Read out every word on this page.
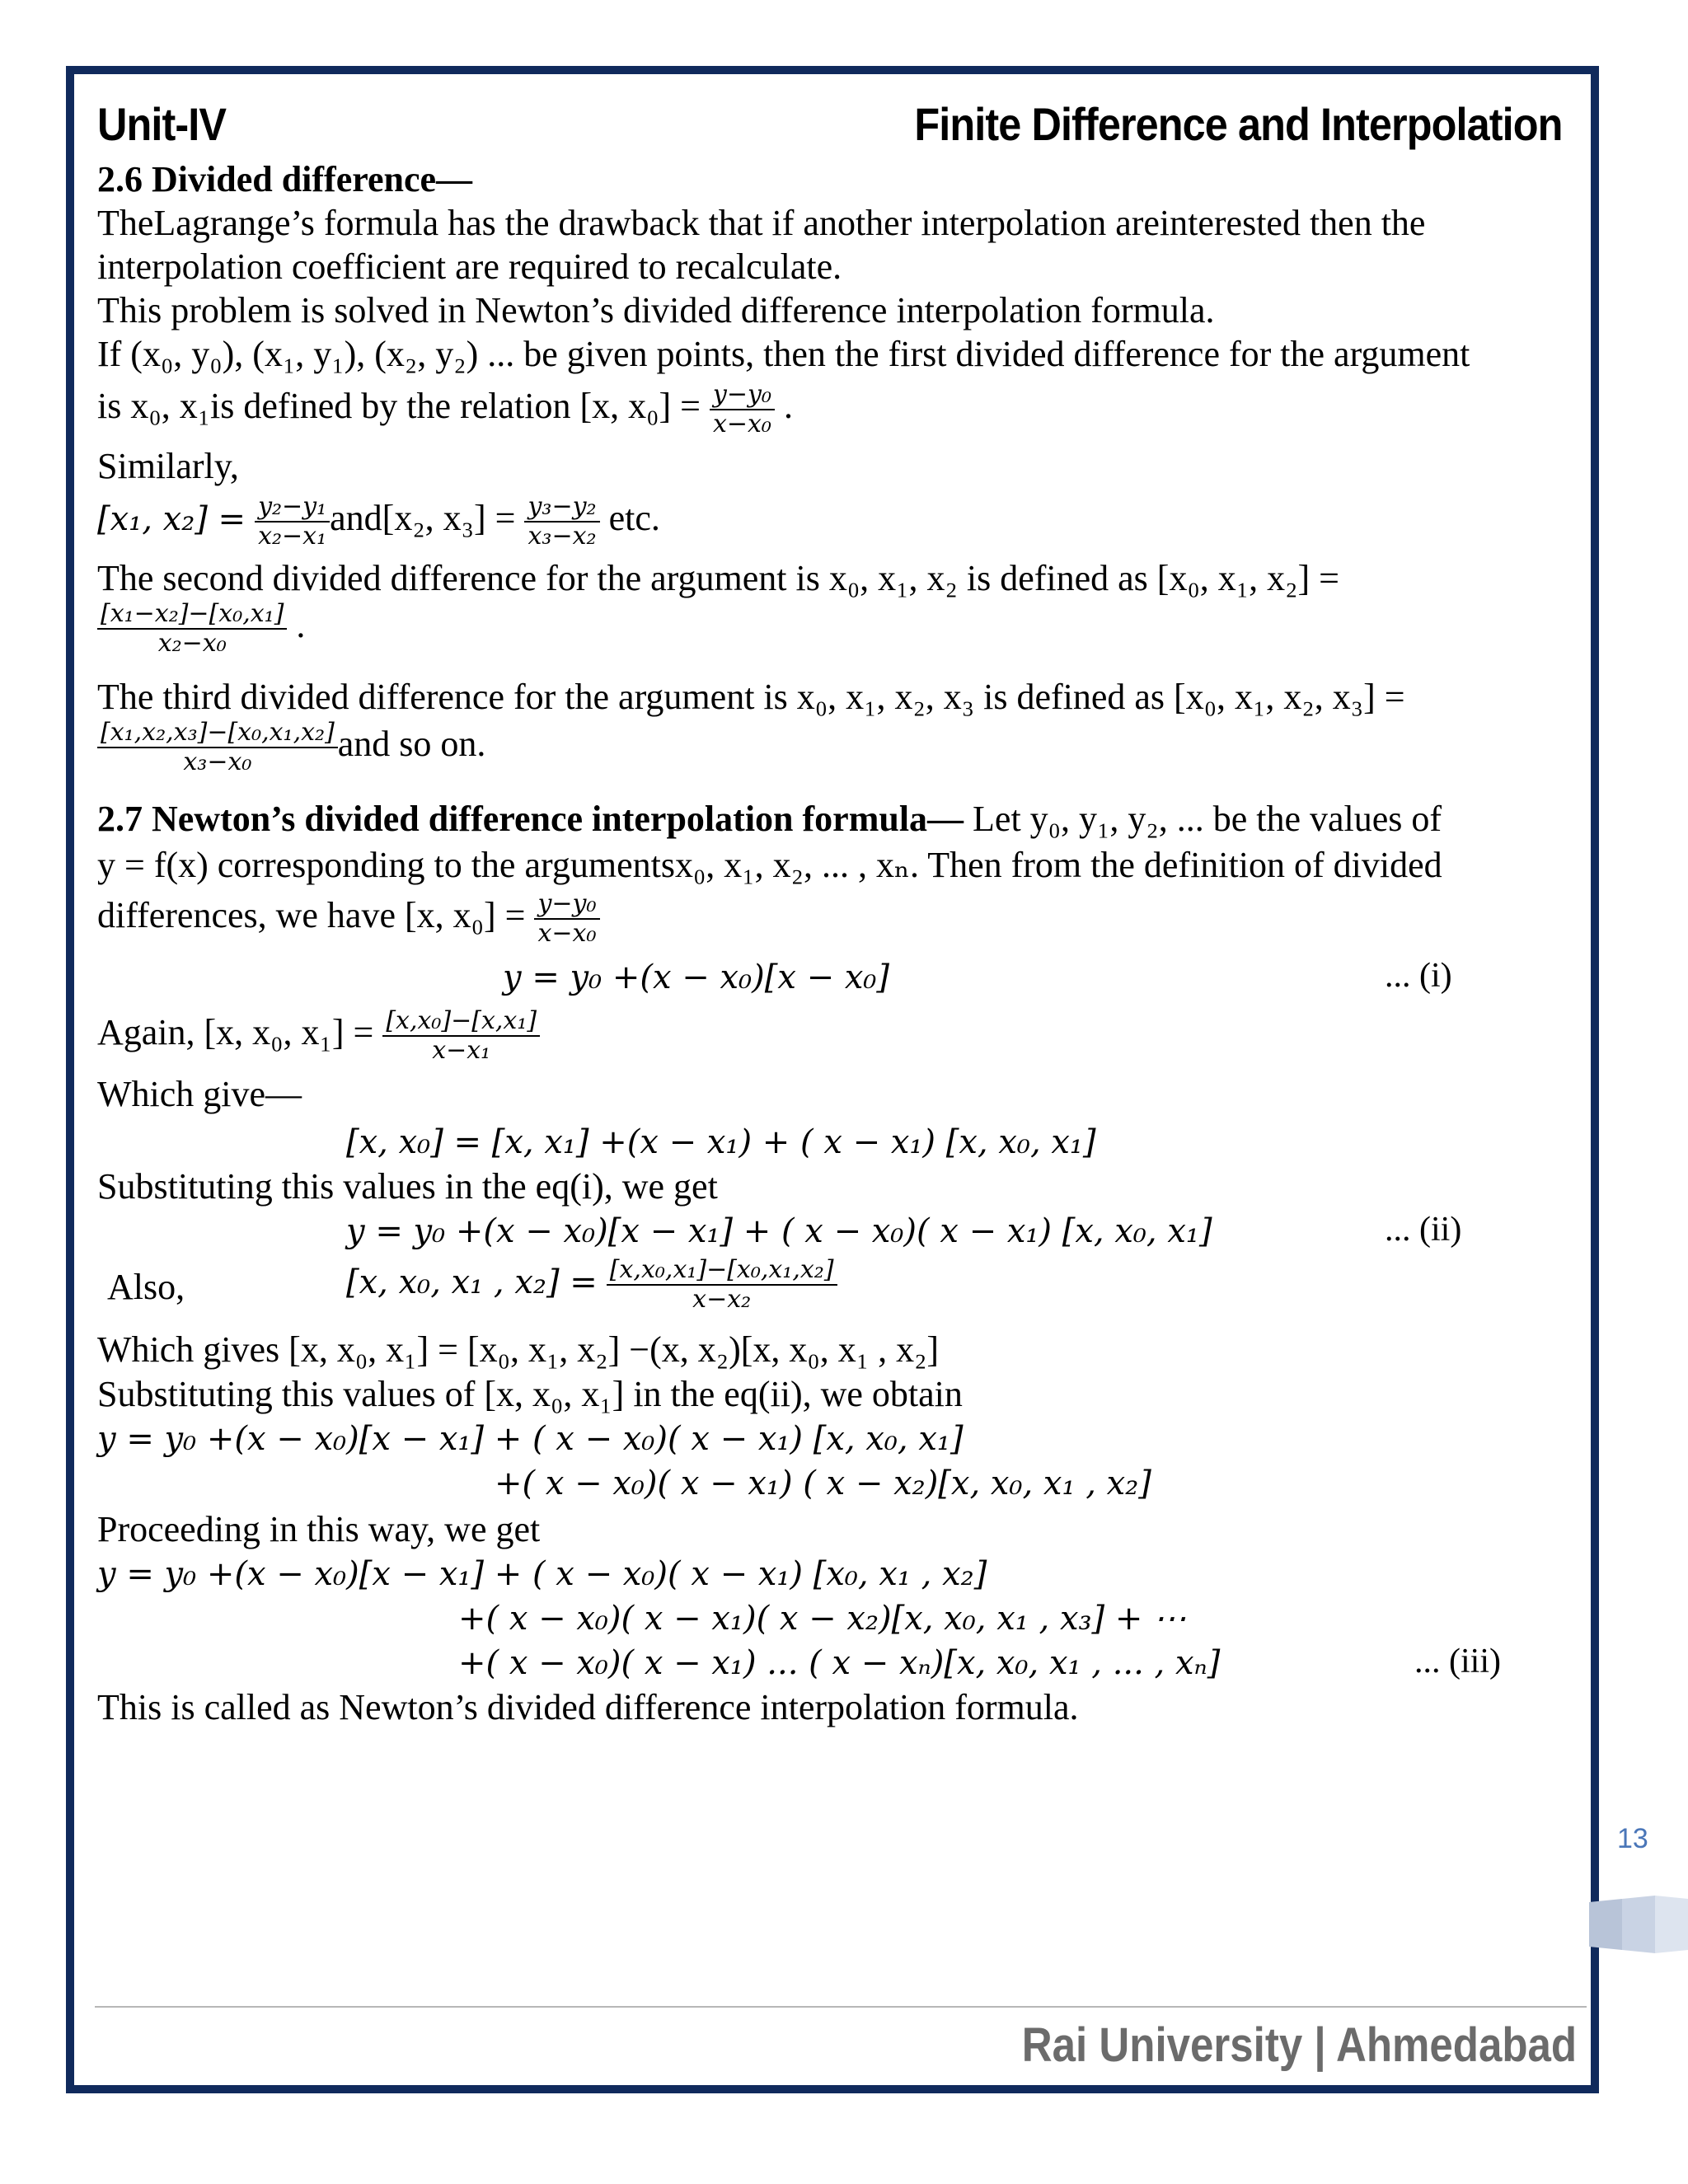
Unit-IV	Finite Difference and Interpolation
2.6 Divided difference—
TheLagrange’s formula has the drawback that if another interpolation areinterested then the
interpolation coefficient are required to recalculate.
This problem is solved in Newton’s divided difference interpolation formula.
If (x₀, y₀), (x₁, y₁), (x₂, y₂) ... be given points, then the first divided difference for the argument
is x₀, x₁is defined by the relation [x, $x_0] = \frac{\text{y−y₀}}{\text{x−x₀}}$ .
Similarly,
[x₁, $x_2] = \frac{\text{y₂−y₁}}{\text{x₂−x₁}} and[x_2$, $x_3] = \frac{\text{y₃−y₂}}{\text{x₃−x₂}}$ etc.
The second divided difference for the argument is x₀, x₁, x₂ is defined as [x₀, x₁, x₂] =
$\frac{\text{[x₁−x₂]−[x₀,x₁]}}{\text{x₂−x₀}}$ .
The third divided difference for the argument is x₀, x₁, x₂, x₃ is defined as [x₀, x₁, x₂, x₃] =
$\frac{\text{[x₁,x₂,x₃]−[x₀,x₁,x₂]}}{\text{x₃−x₀}}$ and so on.
2.7 Newton’s divided difference interpolation formula— Let y₀, y₁, y₂, ... be the values of
y = f(x) corresponding to the argumentsx₀, x₁, x₂, ... , xₙ. Then from the definition of divided
differences, we have [x, $x_0] = \frac{\text{y−y₀}}{\text{x−x₀}}$
y = y₀ +(x − x₀)[x − x₀]	... (i)
Again, [x, x₀, $x_1] = \frac{\text{[x,x₀]−[x,x₁]}}{\text{x−x₁}}$
Which give—
[x, x₀] = [x, x₁] +(x − x₁) + ( x − x₁) [x, x₀, x₁]
Substituting this values in the eq(i), we get
y = y₀ +(x − x₀)[x − x₁] + ( x − x₀)( x − x₁) [x, x₀, x₁]	... (ii)
Also,	[x, x₀, x₁ , $x_2] = \frac{\text{[x,x₀,x₁]−[x₀,x₁,x₂]}}{\text{x−x₂}}$
Which gives [x, x₀, x₁] = [x₀, x₁, x₂] −(x, x₂)[x, x₀, x₁ , x₂]
Substituting this values of [x, x₀, x₁] in the eq(ii), we obtain
y = y₀ +(x − x₀)[x − x₁] + ( x − x₀)( x − x₁) [x, x₀, x₁]
+( x − x₀)( x − x₁) ( x − x₂)[x, x₀, x₁ , x₂]
Proceeding in this way, we get
y = y₀ +(x − x₀)[x − x₁] + ( x − x₀)( x − x₁) [x₀, x₁ , x₂]
+( x − x₀)( x − x₁)( x − x₂)[x, x₀, x₁ , x₃] + ⋯
+( x − x₀)( x − x₁) ... ( x − xₙ)[x, x₀, x₁ , ... , xₙ]	... (iii)
This is called as Newton’s divided difference interpolation formula.
13
Rai University | Ahmedabad
